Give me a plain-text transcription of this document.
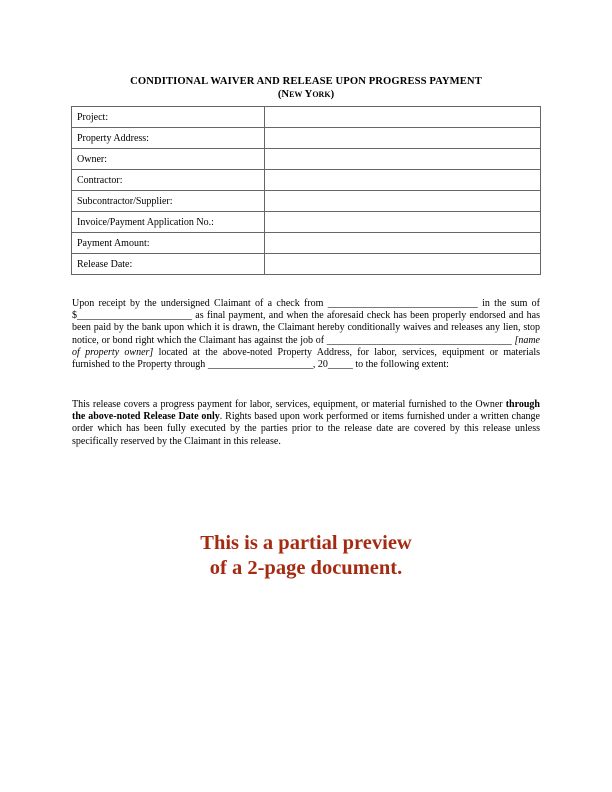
CONDITIONAL WAIVER AND RELEASE UPON PROGRESS PAYMENT
(NEW YORK)
Project:	
Property Address:	
Owner:	
Contractor:	
Subcontractor/Supplier:	
Invoice/Payment Application No.:	
Payment Amount:	
Release Date:	

Upon receipt by the undersigned Claimant of a check from ______________________________ in the sum of $_______________________ as final payment, and when the aforesaid check has been properly endorsed and has been paid by the bank upon which it is drawn, the Claimant hereby conditionally waives and releases any lien, stop notice, or bond right which the Claimant has against the job of _____________________________________ [name of property owner] located at the above-noted Property Address, for labor, services, equipment or materials furnished to the Property through _____________________, 20_____ to the following extent:

This release covers a progress payment for labor, services, equipment, or material furnished to the Owner through the above-noted Release Date only. Rights based upon work performed or items furnished under a written change order which has been fully executed by the parties prior to the release date are covered by this release unless specifically reserved by the Claimant in this release.

This is a partial preview
of a 2-page document.
